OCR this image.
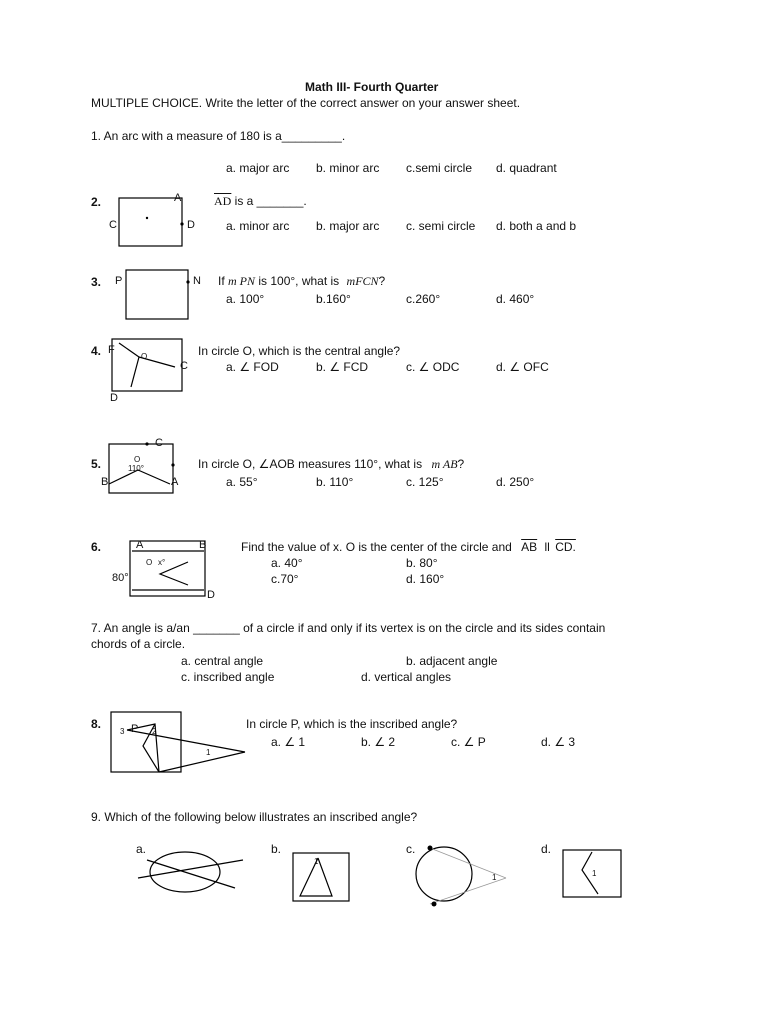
Math III- Fourth Quarter
MULTIPLE CHOICE. Write the letter of the correct answer on your answer sheet.
1. An arc with a measure of 180 is a_________.
a. major arc b. minor arc c.semi circle d. quadrant
2.	A
C	D
$\overline{AD}$ is a _______.
a. minor arc b. major arc c. semi circle d. both a and b
3. P	N If m PN is 100°, what is mFCN?
a. 100°	b.160°	c.260°	d. 460°
4. F
O
C
D
In circle O, which is the central angle?
a. ∠ FOD	b. ∠ FCD	c. ∠ ODC	d. ∠ OFC
5.
C
O
110°
B	A
In circle O, ∠AOB measures 110°, what is m AB?
a. 55°	b. 110°	c. 125°	d. 250°
6.	A	B
O x°
80°
D
Find the value of x. O is the center of the circle and $\overline{AB}$ ll CD.
a. 40°	b. 80°
c.70°	d. 160°
7. An angle is a/an _______ of a circle if and only if its vertex is on the circle and its sides contain
chords of a circle.
a. central angle	b. adjacent angle
c. inscribed angle	d. vertical angles
8.
3 P 2
1
In circle P, which is the inscribed angle?
a. ∠ 1	b. ∠ 2	c. ∠ P	d. ∠ 3
9. Which of the following below illustrates an inscribed angle?
a.	b.	c.	d.
1
1	1
